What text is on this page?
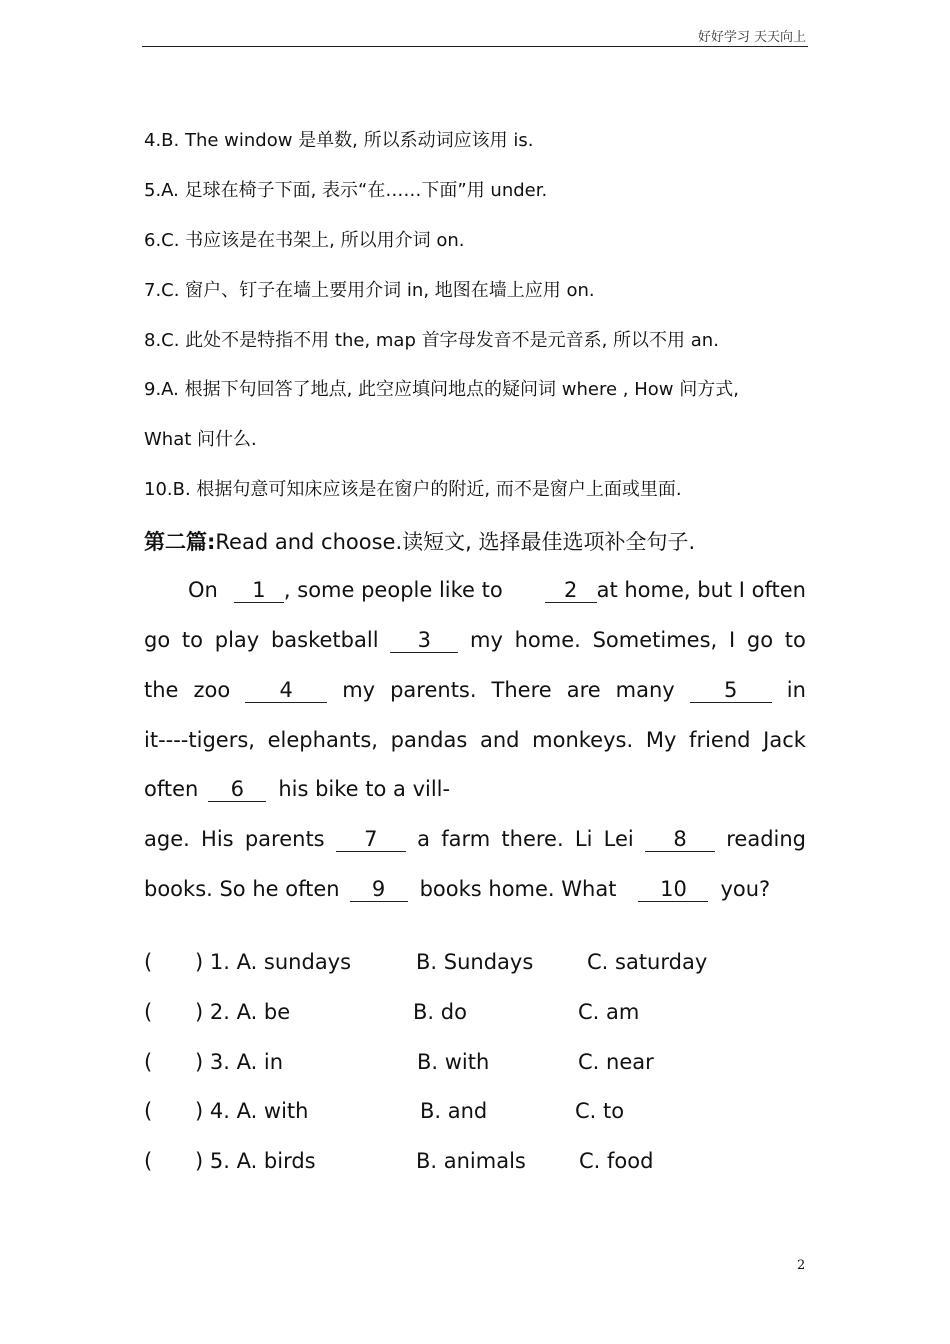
好好学习 天天向上
4.B. The window 是单数, 所以系动词应该用 is.
5.A. 足球在椅子下面, 表示“在……下面”用 under.
6.C. 书应该是在书架上, 所以用介词 on.
7.C. 窗户、钉子在墙上要用介词 in, 地图在墙上应用 on.
8.C. 此处不是特指不用 the, map 首字母发音不是元音系, 所以不用 an.
9.A. 根据下句回答了地点, 此空应填问地点的疑问词 where , How 问方式,
What 问什么.
10.B. 根据句意可知床应该是在窗户的附近, 而不是窗户上面或里面.
第二篇:Read and choose.读短文, 选择最佳选项补全句子.
On	1 , some people like to	2 at home, but I often
go to play basketball	3	my home. Sometimes, I go to
the zoo	4	my parents. There are many	5	in
it----tigers, elephants, pandas and monkeys. My friend Jack
often	6	his bike to a vill-
age. His parents	7	a farm there. Li Lei	8	reading
books. So he often	9	books home. What	10	you?
( ) 1. A. sundays	B. Sundays	C. saturday
( ) 2. A. be	B. do	C. am
( ) 3. A. in	B. with	C. near
( ) 4. A. with	B. and	C. to
( ) 5. A. birds	B. animals	C. food
2
